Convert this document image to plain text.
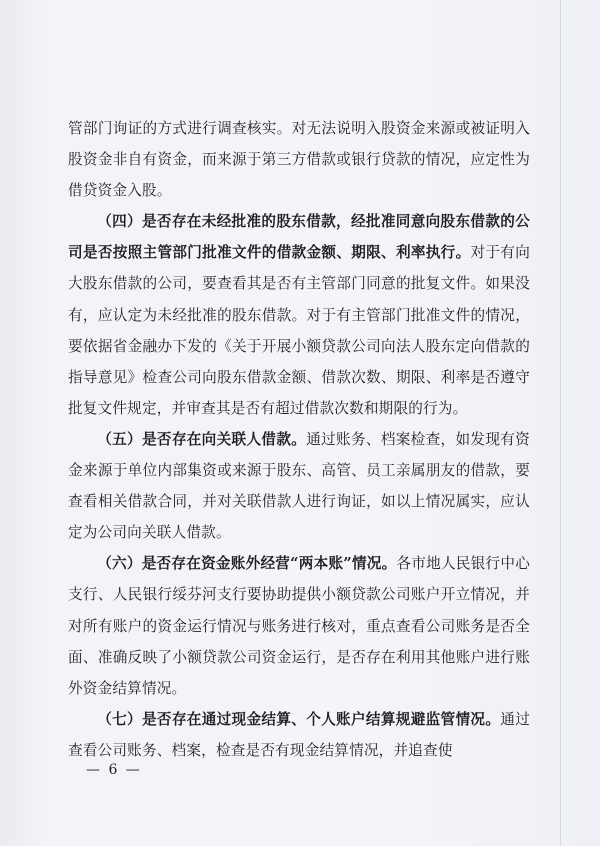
管部门询证的方式进行调查核实。对无法说明入股资金来源或被证明入股资金非自有资金，而来源于第三方借款或银行贷款的情况，应定性为借贷资金入股。

（四）是否存在未经批准的股东借款，经批准同意向股东借款的公司是否按照主管部门批准文件的借款金额、期限、利率执行。对于有向大股东借款的公司，要查看其是否有主管部门同意的批复文件。如果没有，应认定为未经批准的股东借款。对于有主管部门批准文件的情况，要依据省金融办下发的《关于开展小额贷款公司向法人股东定向借款的指导意见》检查公司向股东借款金额、借款次数、期限、利率是否遵守批复文件规定，并审查其是否有超过借款次数和期限的行为。

（五）是否存在向关联人借款。通过账务、档案检查，如发现有资金来源于单位内部集资或来源于股东、高管、员工亲属朋友的借款，要查看相关借款合同，并对关联借款人进行询证，如以上情况属实，应认定为公司向关联人借款。

（六）是否存在资金账外经营“两本账”情况。各市地人民银行中心支行、人民银行绥芬河支行要协助提供小额贷款公司账户开立情况，并对所有账户的资金运行情况与账务进行核对，重点查看公司账务是否全面、准确反映了小额贷款公司资金运行，是否存在利用其他账户进行账外资金结算情况。

（七）是否存在通过现金结算、个人账户结算规避监管情况。通过查看公司账务、档案，检查是否有现金结算情况，并追查使

— 6 —
